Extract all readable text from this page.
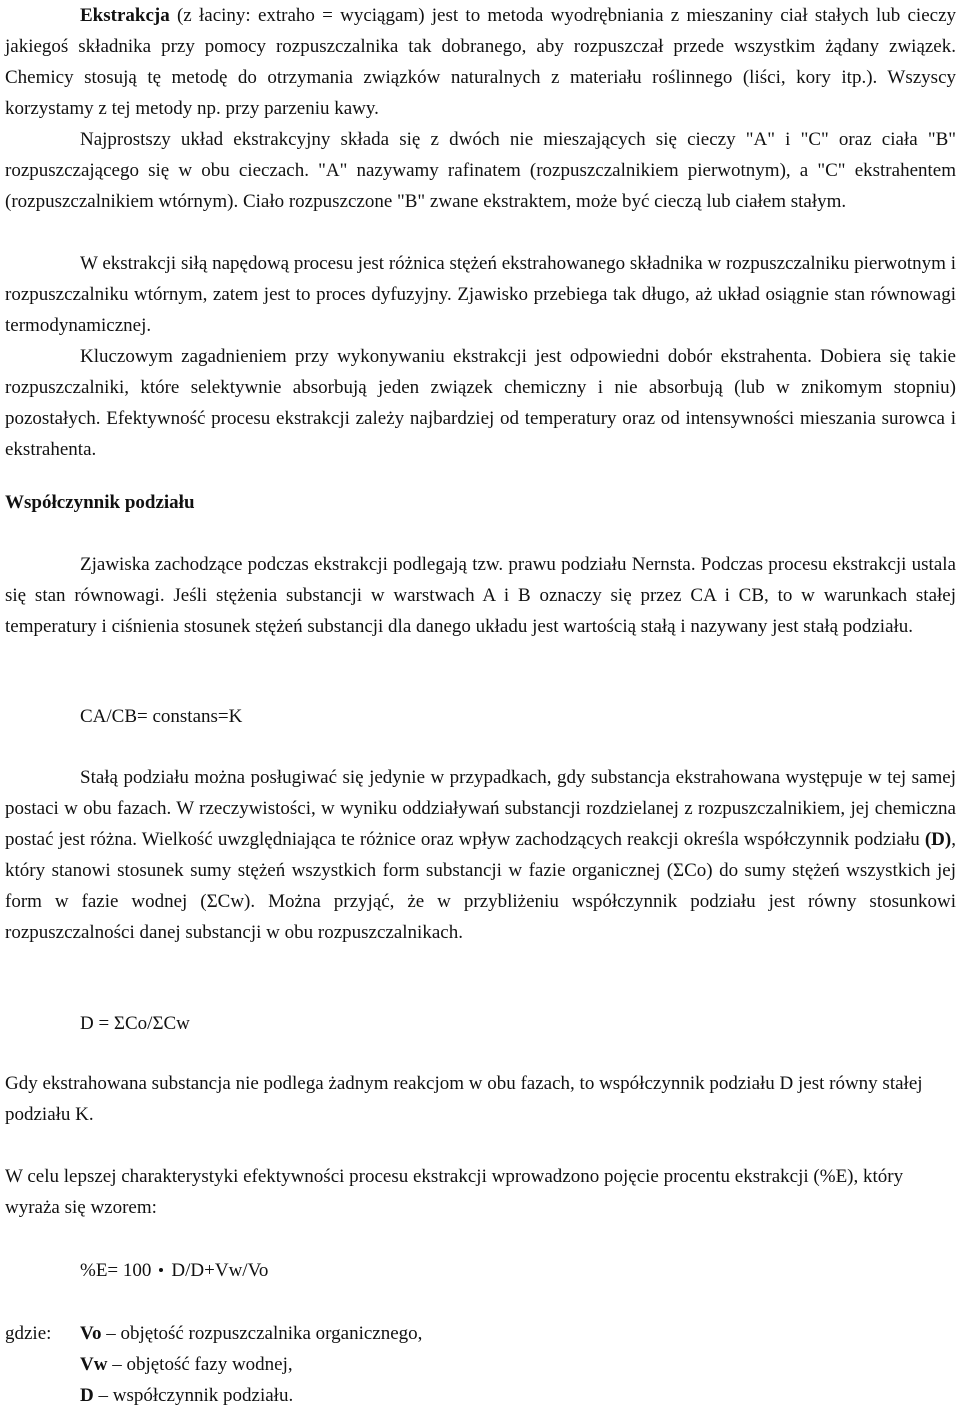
Ekstrakcja (z łaciny: extraho = wyciągam) jest to metoda wyodrębniania z mieszaniny ciał stałych lub cieczy jakiegoś składnika przy pomocy rozpuszczalnika tak dobranego, aby rozpuszczał przede wszystkim żądany związek. Chemicy stosują tę metodę do otrzymania związków naturalnych z materiału roślinnego (liści, kory itp.). Wszyscy korzystamy z tej metody np. przy parzeniu kawy.

Najprostszy układ ekstrakcyjny składa się z dwóch nie mieszających się cieczy "A" i "C" oraz ciała "B" rozpuszczającego się w obu cieczach. "A" nazywamy rafinatem (rozpuszczalnikiem pierwotnym), a "C" ekstrahentem (rozpuszczalnikiem wtórnym). Ciało rozpuszczone "B" zwane ekstraktem, może być cieczą lub ciałem stałym.

W ekstrakcji siłą napędową procesu jest różnica stężeń ekstrahowanego składnika w rozpuszczalniku pierwotnym i rozpuszczalniku wtórnym, zatem jest to proces dyfuzyjny. Zjawisko przebiega tak długo, aż układ osiągnie stan równowagi termodynamicznej.

Kluczowym zagadnieniem przy wykonywaniu ekstrakcji jest odpowiedni dobór ekstrahenta. Dobiera się takie rozpuszczalniki, które selektywnie absorbują jeden związek chemiczny i nie absorbują (lub w znikomym stopniu) pozostałych. Efektywność procesu ekstrakcji zależy najbardziej od temperatury oraz od intensywności mieszania surowca i ekstrahenta.

Współczynnik podziału

Zjawiska zachodzące podczas ekstrakcji podlegają tzw. prawu podziału Nernsta. Podczas procesu ekstrakcji ustala się stan równowagi. Jeśli stężenia substancji w warstwach A i B oznaczy się przez CA i CB, to w warunkach stałej temperatury i ciśnienia stosunek stężeń substancji dla danego układu jest wartością stałą i nazywany jest stałą podziału.

CA/CB= constans=K

Stałą podziału można posługiwać się jedynie w przypadkach, gdy substancja ekstrahowana występuje w tej samej postaci w obu fazach. W rzeczywistości, w wyniku oddziaływań substancji rozdzielanej z rozpuszczalnikiem, jej chemiczna postać jest różna. Wielkość uwzględniająca te różnice oraz wpływ zachodzących reakcji określa współczynnik podziału (D), który stanowi stosunek sumy stężeń wszystkich form substancji w fazie organicznej (ΣCo) do sumy stężeń wszystkich jej form w fazie wodnej (ΣCw). Można przyjąć, że w przybliżeniu współczynnik podziału jest równy stosunkowi rozpuszczalności danej substancji w obu rozpuszczalnikach.

D = ΣCo/ΣCw

Gdy ekstrahowana substancja nie podlega żadnym reakcjom w obu fazach, to współczynnik podziału D jest równy stałej podziału K.

W celu lepszej charakterystyki efektywności procesu ekstrakcji wprowadzono pojęcie procentu ekstrakcji (%E), który wyraża się wzorem:

%E= 100 D/D+Vw/Vo

gdzie: Vo – objętość rozpuszczalnika organicznego,
Vw – objętość fazy wodnej,
D – współczynnik podziału.
